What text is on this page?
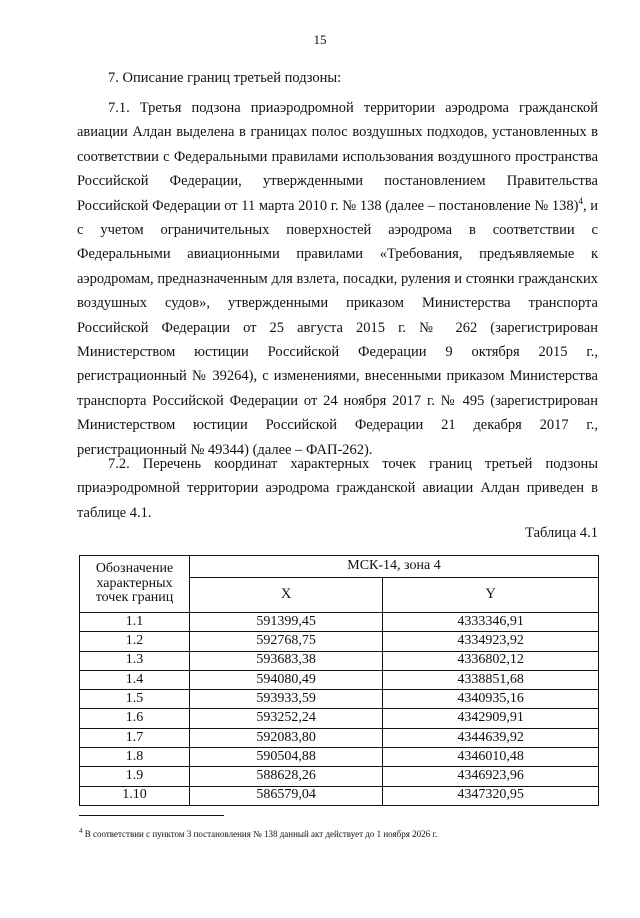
15
7. Описание границ третьей подзоны:

7.1. Третья подзона приаэродромной территории аэродрома гражданской авиации Алдан выделена в границах полос воздушных подходов, установленных в соответствии с Федеральными правилами использования воздушного пространства Российской Федерации, утвержденными постановлением Правительства Российской Федерации от 11 марта 2010 г. № 138 (далее – постановление № 138)$^4$, и с учетом ограничительных поверхностей аэродрома в соответствии с Федеральными авиационными правилами «Требования, предъявляемые к аэродромам, предназначенным для взлета, посадки, руления и стоянки гражданских воздушных судов», утвержденными приказом Министерства транспорта Российской Федерации от 25 августа 2015 г. № 262 (зарегистрирован Министерством юстиции Российской Федерации 9 октября 2015 г., регистрационный № 39264), с изменениями, внесенными приказом Министерства транспорта Российской Федерации от 24 ноября 2017 г. № 495 (зарегистрирован Министерством юстиции Российской Федерации 21 декабря 2017 г., регистрационный № 49344) (далее – ФАП-262).

7.2. Перечень координат характерных точек границ третьей подзоны приаэродромной территории аэродрома гражданской авиации Алдан приведен в таблице 4.1.

Таблица 4.1
Обозначение характерных точек границ	МСК-14, зона 4	
	X	Y
1.1	591399,45	4333346,91
1.2	592768,75	4334923,92
1.3	593683,38	4336802,12
1.4	594080,49	4338851,68
1.5	593933,59	4340935,16
1.6	593252,24	4342909,91
1.7	592083,80	4344639,92
1.8	590504,88	4346010,48
1.9	588628,26	4346923,96
1.10	586579,04	4347320,95
$^4$ В соответствии с пунктом 3 постановления № 138 данный акт действует до 1 ноября 2026 г.
